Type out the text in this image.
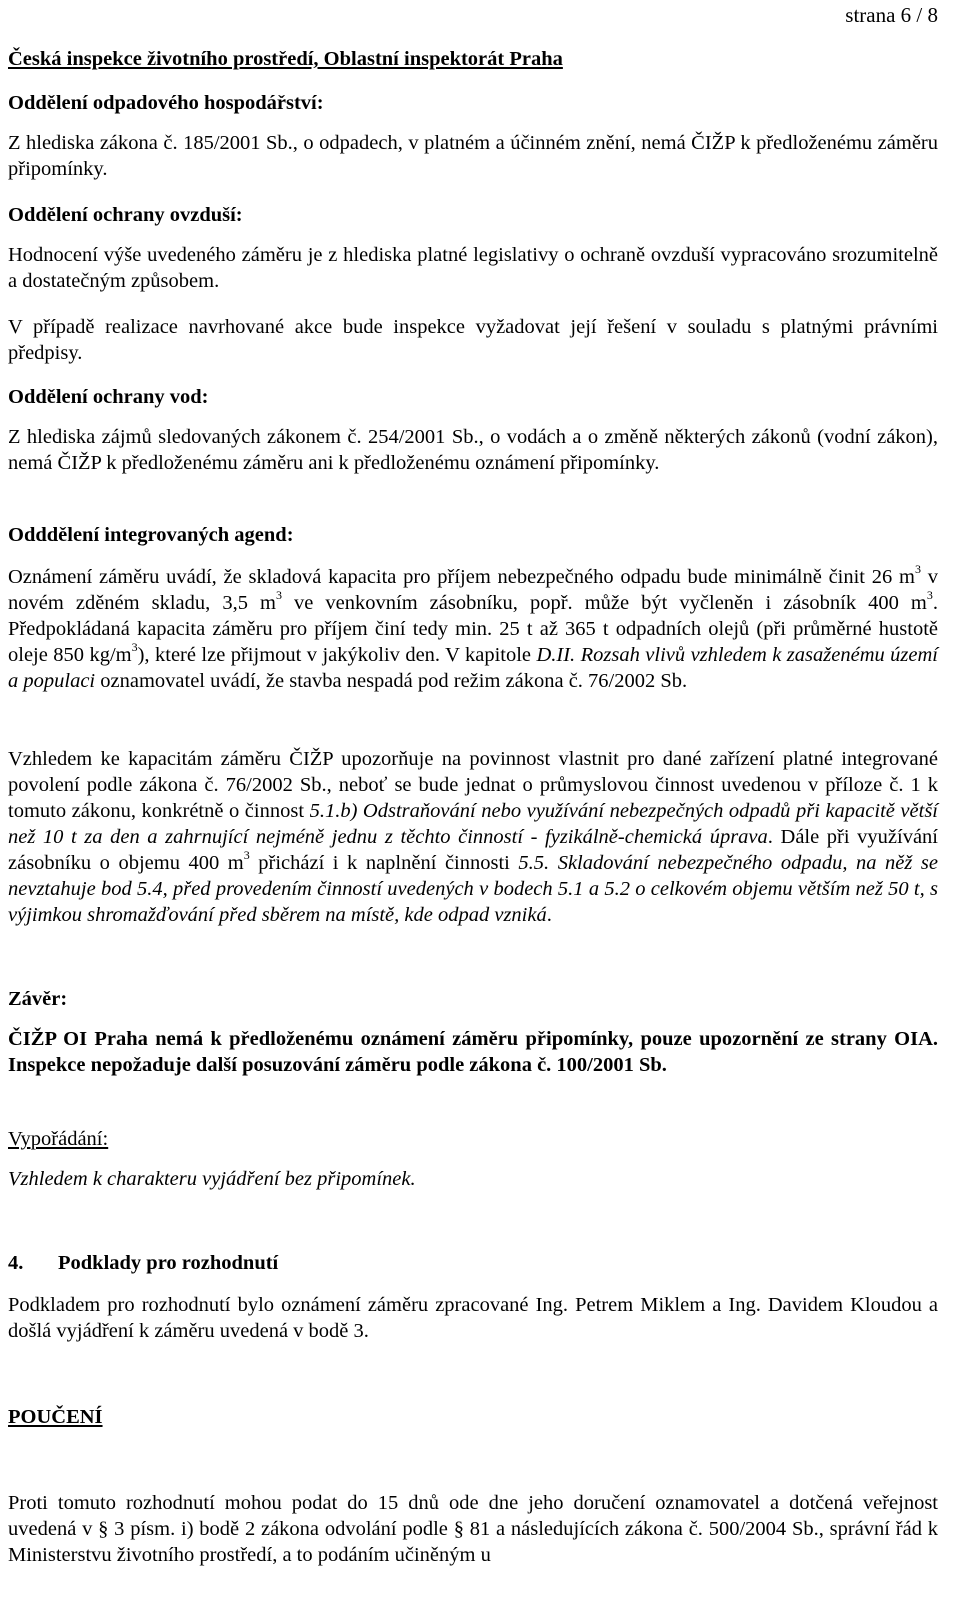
strana 6 / 8

Česká inspekce životního prostředí, Oblastní inspektorát Praha

Oddělení odpadového hospodářství:

Z hlediska zákona č. 185/2001 Sb., o odpadech, v platném a účinném znění, nemá ČIŽP k předloženému záměru připomínky.

Oddělení ochrany ovzduší:

Hodnocení výše uvedeného záměru je z hlediska platné legislativy o ochraně ovzduší vypracováno srozumitelně a dostatečným způsobem.

V případě realizace navrhované akce bude inspekce vyžadovat její řešení v souladu s platnými právními předpisy.

Oddělení ochrany vod:

Z hlediska zájmů sledovaných zákonem č. 254/2001 Sb., o vodách a o změně některých zákonů (vodní zákon), nemá ČIŽP k předloženému záměru ani k předloženému oznámení připomínky.

Odddělení integrovaných agend:

Oznámení záměru uvádí, že skladová kapacita pro příjem nebezpečného odpadu bude minimálně činit 26 $m^3$ v novém zděném skladu, 3,5 $m^3$ ve venkovním zásobníku, popř. může být vyčleněn i zásobník 400 $m^3$. Předpokládaná kapacita záměru pro příjem činí tedy min. 25 t až 365 t odpadních olejů (při průměrné hustotě oleje 850 $kg/m^3$), které lze přijmout v jakýkoliv den. V kapitole D.II. Rozsah vlivů vzhledem k zasaženému území a populaci oznamovatel uvádí, že stavba nespadá pod režim zákona č. 76/2002 Sb.

Vzhledem ke kapacitám záměru ČIŽP upozorňuje na povinnost vlastnit pro dané zařízení platné integrované povolení podle zákona č. 76/2002 Sb., neboť se bude jednat o průmyslovou činnost uvedenou v příloze č. 1 k tomuto zákonu, konkrétně o činnost 5.1.b) Odstraňování nebo využívání nebezpečných odpadů při kapacitě větší než 10 t za den a zahrnující nejméně jednu z těchto činností - fyzikálně-chemická úprava. Dále při využívání zásobníku o objemu 400 $m^3$ přichází i k naplnění činnosti 5.5. Skladování nebezpečného odpadu, na něž se nevztahuje bod 5.4, před provedením činností uvedených v bodech 5.1 a 5.2 o celkovém objemu větším než 50 t, s výjimkou shromažďování před sběrem na místě, kde odpad vzniká.

Závěr:

ČIŽP OI Praha nemá k předloženému oznámení záměru připomínky, pouze upozornění ze strany OIA. Inspekce nepožaduje další posuzování záměru podle zákona č. 100/2001 Sb.

Vypořádání:

Vzhledem k charakteru vyjádření bez připomínek.

4. Podklady pro rozhodnutí

Podkladem pro rozhodnutí bylo oznámení záměru zpracované Ing. Petrem Miklem a Ing. Davidem Kloudou a došlá vyjádření k záměru uvedená v bodě 3.

POUČENÍ

Proti tomuto rozhodnutí mohou podat do 15 dnů ode dne jeho doručení oznamovatel a dotčená veřejnost uvedená v § 3 písm. i) bodě 2 zákona odvolání podle § 81 a následujících zákona č. 500/2004 Sb., správní řád k Ministerstvu životního prostředí, a to podáním učiněným u
